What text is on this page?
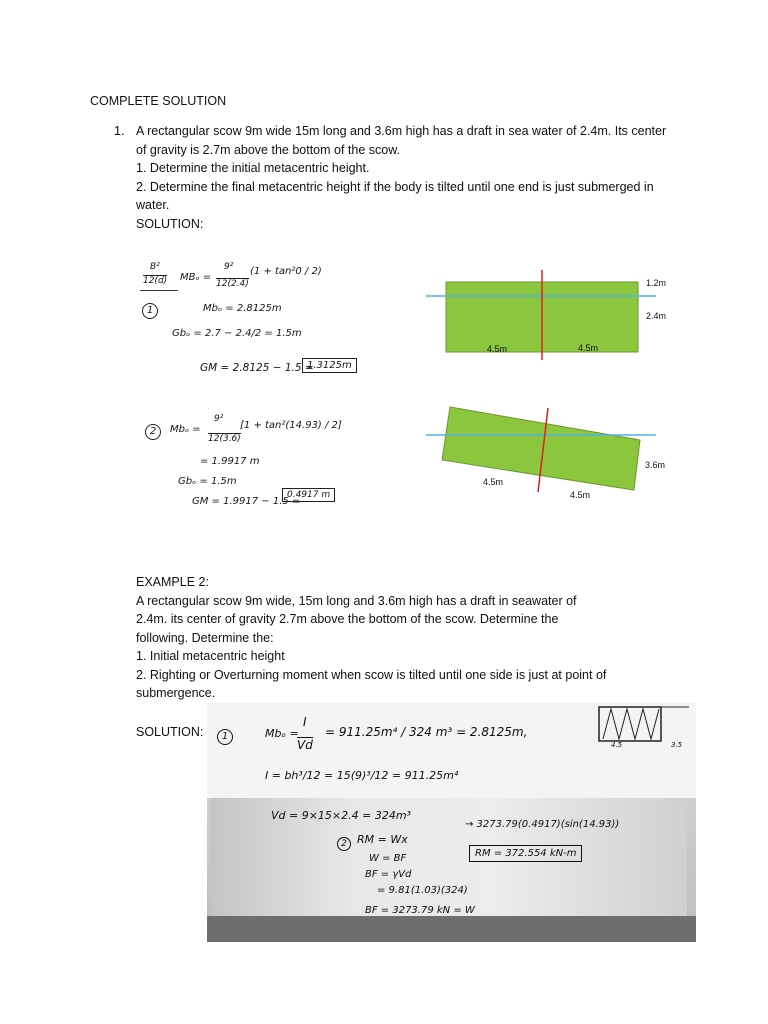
COMPLETE SOLUTION
1. A rectangular scow 9m wide 15m long and 3.6m high has a draft in sea water of 2.4m. Its center
of gravity is 2.7m above the bottom of the scow.
1. Determine the initial metacentric height.
2. Determine the final metacentric height if the body is tilted until one end is just submerged in
water.
SOLUTION:
B²
12(d) MBₒ =
9²
12(2.4)
(1 + tan²0 / 2)
1	Mbₒ = 2.8125m
Gbₒ = 2.7 − 2.4/2 = 1.5m
GM = 2.8125 − 1.5 =
1.3125m
2	Mbₒ =
9²
12(3.6)
[1 + tan²(14.93) / 2]
= 1.9917 m
Gbₒ = 1.5m
GM = 1.9917 − 1.5 =
0.4917 m
1.2m
2.4m
4.5m	4.5m
3.6m
4.5m
4.5m
EXAMPLE 2:
A rectangular scow 9m wide, 15m long and 3.6m high has a draft in seawater of
2.4m. its center of gravity 2.7m above the bottom of the scow. Determine the
following. Determine the:
1. Initial metacentric height
2. Righting or Overturning moment when scow is tilted until one side is just at point of
submergence.
SOLUTION:	1	Mbₒ =
I
Vd
= 911.25m⁴ / 324 m³ = 2.8125m,
I = bh³/12 = 15(9)³/12 = 911.25m⁴
Vd = 9×15×2.4 = 324m³
2 RM = Wx
W = BF
BF = γVd
= 9.81(1.03)(324)
BF = 3273.79 kN = W
→ 3273.79(0.4917)(sin(14.93))
RM = 372.554 kN-m
4.5	3.5
